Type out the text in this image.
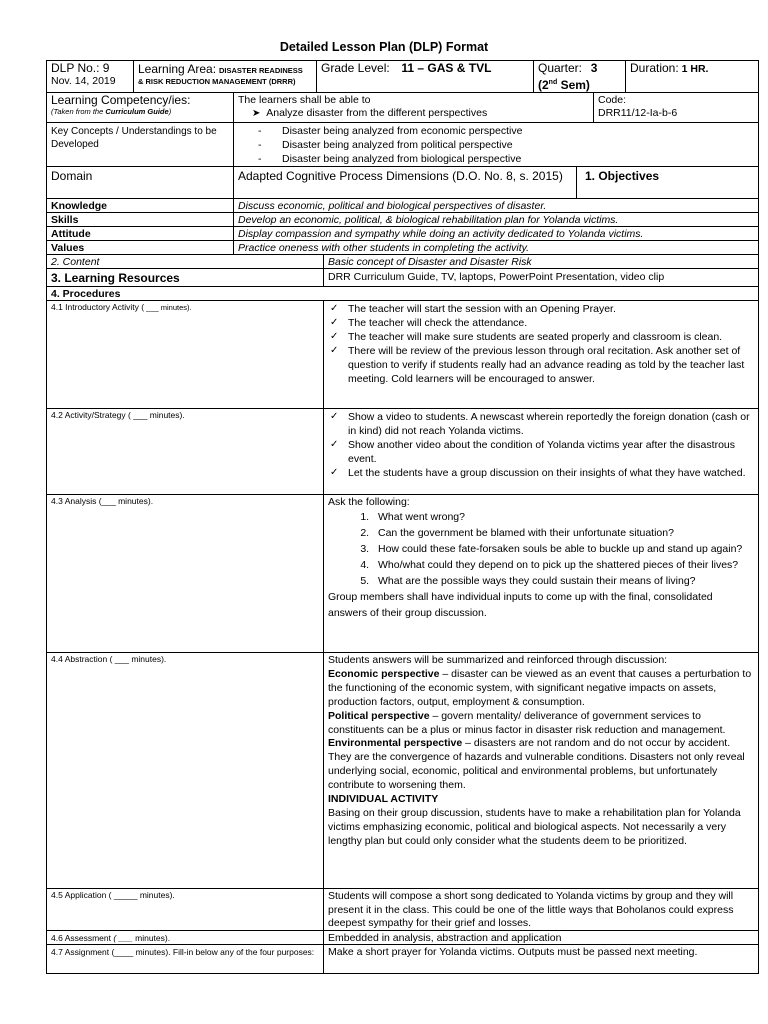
Detailed Lesson Plan (DLP) Format
DLP No.: 9
Nov. 14, 2019
Learning Area: DISASTER READINESS
& RISK REDUCTION MANAGEMENT (DRRR)
Grade Level: 11 – GAS & TVL	Quarter: 3
(2nd Sem)
Duration: 1 HR.
Learning Competency/ies:
(Taken from the Curriculum Guide)
The learners shall be able to
➤ Analyze disaster from the different perspectives
Code:
DRR11/12-Ia-b-6
Key Concepts / Understandings to be Developed
- Disaster being analyzed from economic perspective
- Disaster being analyzed from political perspective
- Disaster being analyzed from biological perspective
Domain	Adapted Cognitive Process Dimensions (D.O. No. 8, s. 2015)	1. Objectives
Knowledge	Discuss economic, political and biological perspectives of disaster.
Skills	Develop an economic, political, & biological rehabilitation plan for Yolanda victims.
Attitude	Display compassion and sympathy while doing an activity dedicated to Yolanda victims.
Values	Practice oneness with other students in completing the activity.
2. Content	Basic concept of Disaster and Disaster Risk
3. Learning Resources	DRR Curriculum Guide, TV, laptops, PowerPoint Presentation, video clip
4. Procedures
4.1 Introductory Activity ( ___ minutes).	✓ The teacher will start the session with an Opening Prayer.
✓ The teacher will check the attendance.
✓ The teacher will make sure students are seated properly and classroom is clean.
✓ There will be review of the previous lesson through oral recitation. Ask another set of question to verify if students really had an advance reading as told by the teacher last meeting. Cold learners will be encouraged to answer.
4.2 Activity/Strategy ( ___ minutes).	✓ Show a video to students. A newscast wherein reportedly the foreign donation (cash or in kind) did not reach Yolanda victims.
✓ Show another video about the condition of Yolanda victims year after the disastrous event.
✓ Let the students have a group discussion on their insights of what they have watched.
4.3 Analysis (___ minutes).	Ask the following:

1. What went wrong?
2. Can the government be blamed with their unfortunate situation?
3. How could these fate-forsaken souls be able to buckle up and stand up again?
4. Who/what could they depend on to pick up the shattered pieces of their lives?
5. What are the possible ways they could sustain their means of living?

Group members shall have individual inputs to come up with the final, consolidated answers of their group discussion.

4.4 Abstraction ( ___ minutes).	Students answers will be summarized and reinforced through discussion:

Economic perspective – disaster can be viewed as an event that causes a perturbation to the functioning of the economic system, with significant negative impacts on assets, production factors, output, employment & consumption.

Political perspective – govern mentality/ deliverance of government services to constituents can be a plus or minus factor in disaster risk reduction and management.

Environmental perspective – disasters are not random and do not occur by accident. They are the convergence of hazards and vulnerable conditions. Disasters not only reveal underlying social, economic, political and environmental problems, but unfortunately contribute to worsening them.

INDIVIDUAL ACTIVITY

Basing on their group discussion, students have to make a rehabilitation plan for Yolanda victims emphasizing economic, political and biological aspects. Not necessarily a very lengthy plan but could only consider what the students deem to be prioritized.

4.5 Application ( _____ minutes).	Students will compose a short song dedicated to Yolanda victims by group and they will present it in the class. This could be one of the little ways that Boholanos could express deepest sympathy for their grief and losses.
4.6 Assessment ( ___ minutes).	Embedded in analysis, abstraction and application
4.7 Assignment (____ minutes). Fill-in below any of the four purposes:	Make a short prayer for Yolanda victims. Outputs must be passed next meeting.
